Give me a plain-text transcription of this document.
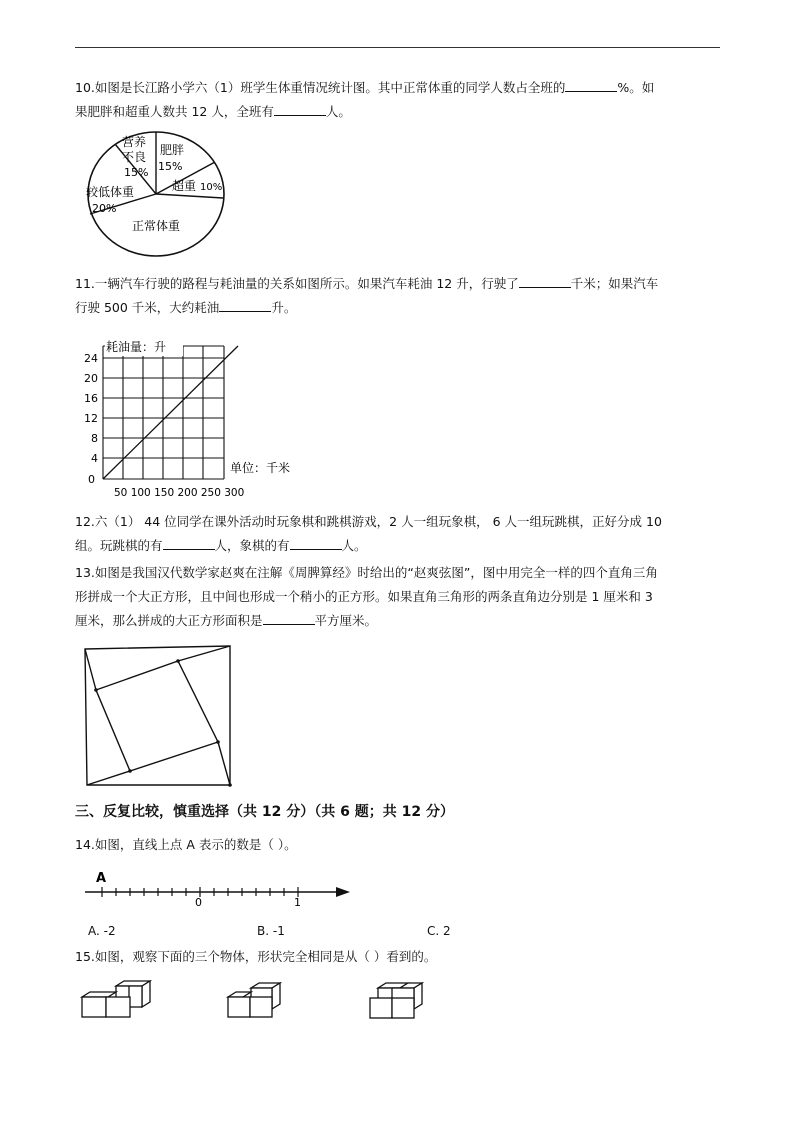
10.如图是长江路小学六（1）班学生体重情况统计图。其中正常体重的同学人数占全班的	%。如
果肥胖和超重人数共 12 人，全班有	人。

营养
不良
15%
肥胖
15%
超重 10%
较低体重
20%
正常体重

11.一辆汽车行驶的路程与耗油量的关系如图所示。如果汽车耗油 12 升，行驶了	千米；如果汽车
行驶 500 千米，大约耗油	升。

耗油量：升
单位：千米
24
20
16
12
8
4
0
50 100 150 200 250 300

12.六（1） 44 位同学在课外活动时玩象棋和跳棋游戏，2 人一组玩象棋， 6 人一组玩跳棋，正好分成 10
组。玩跳棋的有	人，象棋的有	人。

13.如图是我国汉代数学家赵爽在注解《周脾算经》时给出的“赵爽弦图”，图中用完全一样的四个直角三角
形拼成一个大正方形，且中间也形成一个稍小的正方形。如果直角三角形的两条直角边分别是 1 厘米和 3
厘米，那么拼成的大正方形面积是	平方厘米。

三、反复比较，慎重选择（共 12 分）（共 6 题；共 12 分）

14.如图，直线上点 A 表示的数是（ ）。

A
0	1
A. -2	B. -1	C. 2

15.如图，观察下面的三个物体，形状完全相同是从（ ）看到的。
